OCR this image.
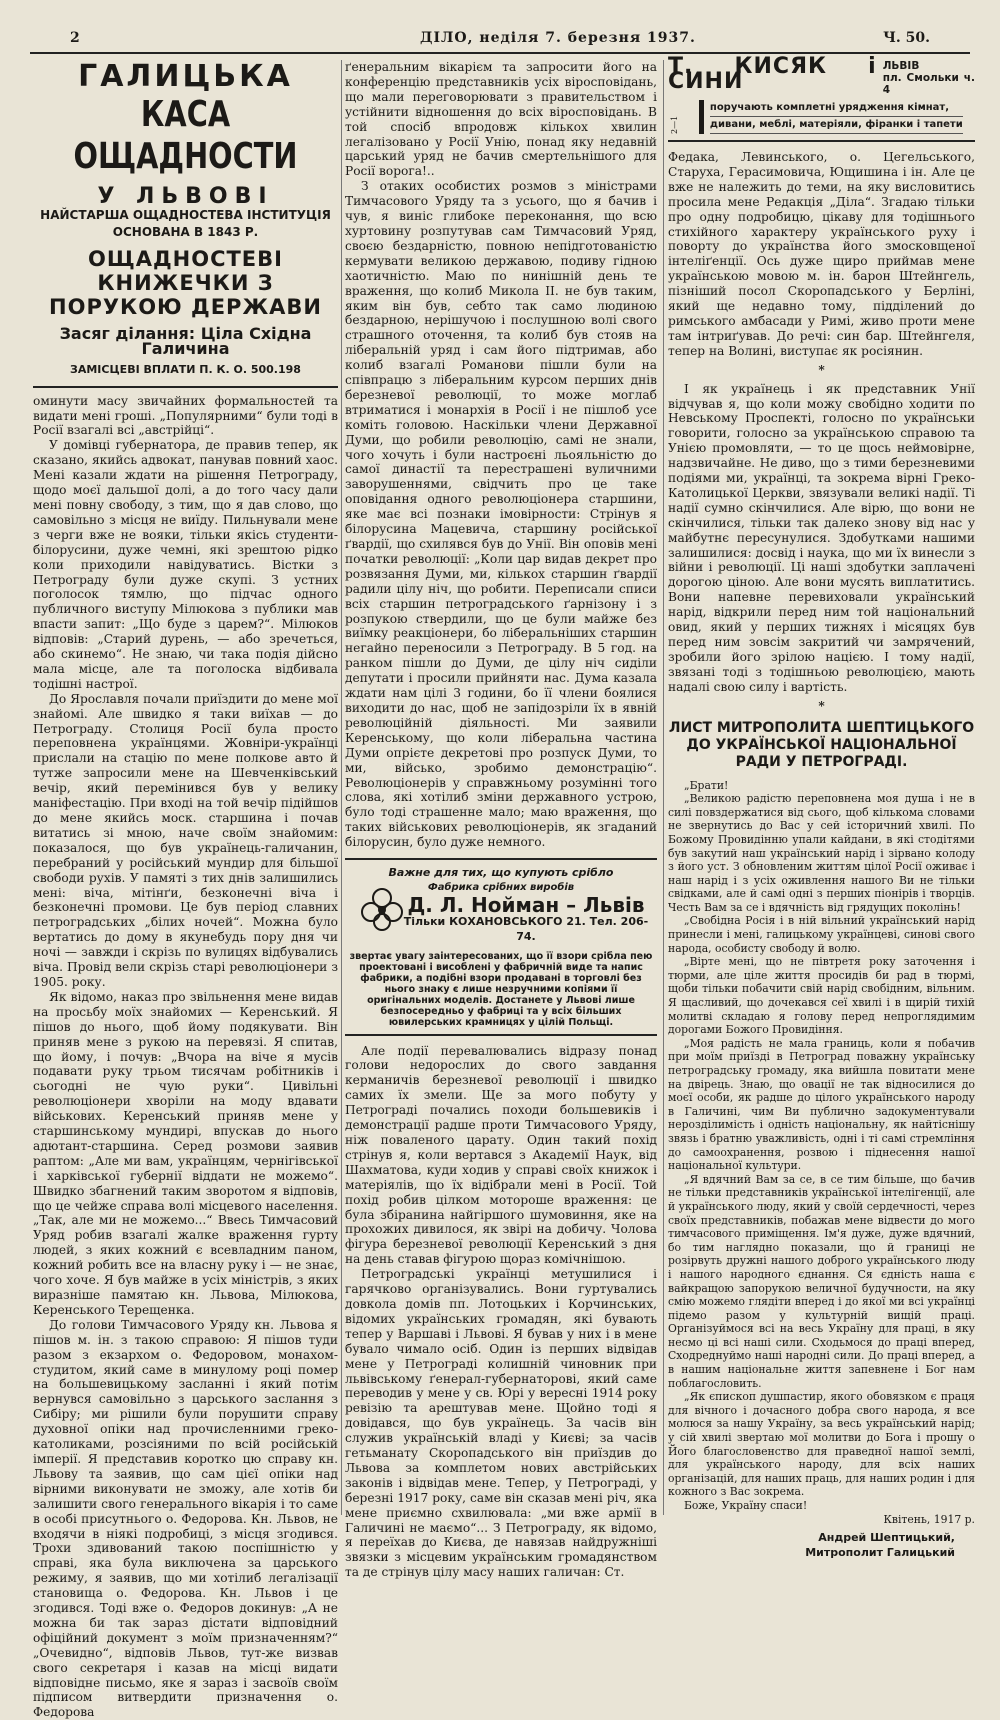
2	ДІЛО, неділя 7. березня 1937.	Ч. 50.
ГАЛИЦЬКА
КАСА ОЩАДНОСТИ
У ЛЬВОВІ
НАЙСТАРША ОЩАДНОСТЕВА ІНСТИТУЦІЯ
ОСНОВАНА В 1843 Р.
ОЩАДНОСТЕВІ КНИЖЕЧКИ З ПОРУКОЮ ДЕРЖАВИ
Засяг ділання: Ціла Східна Галичина
ЗАМІСЦЕВІ ВПЛАТИ П. К. О. 500.198

оминути масу звичайних формальностей та видати мені гроші. „Популярними“ були тоді в Росії взагалі всі „австрійці“.

У домівці губернатора, де правив тепер, як сказано, якийсь адвокат, панував повний хаос. Мені казали ждати на рішення Петрограду, щодо моєї дальшої долі, а до того часу дали мені повну свободу, з тим, що я дав слово, що самовільно з місця не виїду. Пильнували мене з черги вже не вояки, тільки якісь студенти-білорусини, дуже чемні, які зрештою рідко коли приходили навідуватись. Вістки з Петрограду були дуже скупі. З устних поголосок тямлю, що підчас одного публичного виступу Мілюкова з публики мав впасти запит: „Що буде з царем?“. Мілюков відповів: „Старий дурень, — або зречеться, або скинемо“. Не знаю, чи така подія дійсно мала місце, але та поголоска відбивала тодішні настрої.

До Ярославля почали приїздити до мене мої знайомі. Але швидко я таки виїхав — до Петрограду. Столиця Росії була просто переповнена українцями. Жовніри-українці прислали на стацію по мене полкове авто й тутже запросили мене на Шевченківський вечір, який перемінився був у велику маніфестацію. При вході на той вечір підійшов до мене якийсь моск. старшина і почав витатись зі мною, наче своїм знайомим: показалося, що був українець-галичанин, перебраний у російський мундир для більшої свободи рухів. У памяті з тих днів залишились мені: віча, мітінґи, безконечні віча і безконечні промови. Це був період славних петроградських „білих ночей“. Можна було вертатись до дому в якунебудь пору дня чи ночі — завжди і скрізь по вулицях відбувались віча. Провід вели скрізь старі революціонери з 1905. року.

Як відомо, наказ про звільнення мене видав на просьбу моїх знайомих — Керенський. Я пішов до нього, щоб йому подякувати. Він приняв мене з рукою на перевязі. Я спитав, що йому, і почув: „Вчора на віче я мусів подавати руку трьом тисячам робітників і сьогодні не чую руки“. Цивільні революціонери хворіли на моду вдавати військових. Керенський приняв мене у старшинському мундирі, впускав до нього адютант-старшина. Серед розмови заявив раптом: „Але ми вам, українцям, чернігівської і харківської губернії віддати не можемо“. Швидко збагнений таким зворотом я відповів, що це чейже справа волі місцевого населення. „Так, але ми не можемо...“ Ввесь Тимчасовий Уряд робив взагалі жалке враження гурту людей, з яких кожний є всевладним паном, кожний робить все на власну руку і — не знає, чого хоче. Я був майже в усіх міністрів, з яких виразніше памятаю кн. Львова, Мілюкова, Керенського Терещенка.

До голови Тимчасового Уряду кн. Львова я пішов м. ін. з такою справою: Я пішов туди разом з екзархом о. Федоровом, монахом-студитом, який саме в минулому році помер на большевицькому засланні і який потім вернувся самовільно з царського заслання з Сибіру; ми рішили були порушити справу духовної опіки над прочисленними греко-католиками, розсіяними по всій російській імперії. Я представив коротко цю справу кн. Львову та заявив, що сам цієї опіки над вірними виконувати не зможу, але хотів би залишити свого генерального вікарія і то саме в особі присутнього о. Федорова. Кн. Львов, не входячи в ніякі подробиці, з місця згодився. Трохи здивований такою поспішністю у справі, яка була виключена за царського режиму, я заявив, що ми хотілиб легалізації становища о. Федорова. Кн. Львов і це згодився. Тоді вже о. Федоров докинув: „А не можна би так зараз дістати відповідний офіційний документ з моїм призначенням?“ „Очевидно“, відповів Львов, тут-же визвав свого секретаря і казав на місці видати відповідне письмо, яке я зараз і засвоїв своїм підписом витвердити призначення о. Федорова

ґенеральним вікарієм та запросити його на конференцію представників усіх віросповідань, що мали переговорювати з правительством і устійнити відношення до всіх віросповідань. В той спосіб впродовж кількох хвилин легалізовано у Росії Унію, понад яку недавній царський уряд не бачив смертельнішого для Росії ворога!..

З отаких особистих розмов з міністрами Тимчасового Уряду та з усього, що я бачив і чув, я виніс глибоке переконання, що всю хуртовину розпутував сам Тимчасовий Уряд, своєю бездарністю, повною непідготованістю кермувати великою державою, подиву гідною хаотичністю. Маю по нинішній день те враження, що колиб Микола ІІ. не був таким, яким він був, себто так само людиною бездарною, нерішучою і послушною волі свого страшного оточення, та колиб був стояв на ліберальній уряд і сам його підтримав, або колиб взагалі Романови пішли були на співпрацю з ліберальним курсом перших днів березневої революції, то може моглаб втриматися і монархія в Росії і не пішлоб усе коміть головою. Наскільки члени Державної Думи, що робили революцію, самі не знали, чого хочуть і були настроєні льояльністю до самої династії та перестрашені вуличними заворушеннями, свідчить про це таке оповідання одного революціонера старшини, яке має всі познаки імовірности: Стрінув я білорусина Мацевича, старшину російської ґвардії, що схилявся був до Унії. Він оповів мені початки революції: „Коли цар видав декрет про розвязання Думи, ми, кількох старшин ґвардії радили цілу ніч, що робити. Переписали списи всіх старшин петроградського ґарнізону і з розпукою ствердили, що це були майже без виїмку реакціонери, бо ліберальніших старшин негайно переносили з Петрограду. В 5 год. на ранком пішли до Думи, де цілу ніч сиділи депутати і просили прийняти нас. Дума казала ждати нам цілі 3 години, бо її члени боялися виходити до нас, щоб не запідозріли їх в явній революційній діяльності. Ми заявили Керенському, що коли ліберальна частина Думи опрієте декретові про розпуск Думи, то ми, військо, зробимо демонстрацію“. Революціонерів у справжньому розумінні того слова, які хотілиб зміни державного устрою, було тоді страшенне мало; маю враження, що таких військових революціонерів, як згаданий білорусин, було дуже немного.

Важне для тих, що купують срібло
Фабрика срібних виробів
Д. Л. Нойман – Львів
Тільки КОХАНОВСЬКОГО 21. Тел. 206-74.
звертає увагу заінтересованих, що її взори срібла пею проектовані і висоблені у фабричній виде та напис фабрики, а подібні взори продавані в торговлі без нього знаку є лише незручними копіями її оригінальних моделів. Достанете у Львові лише безпосередньо у фабриці та у всіх більших ювилерських крамницях у цілій Польщі.

Але події перевалювались відразу понад голови недорослих до свого завдання керманичів березневої революції і швидко самих їх змели. Ще за мого побуту у Петрограді почались походи большевиків і демонстрації радше проти Тимчасового Уряду, ніж поваленого царату. Один такий похід стрінув я, коли вертався з Академії Наук, від Шахматова, куди ходив у справі своїх книжок і матеріялів, що їх відібрали мені в Росії. Той похід робив цілком мотороше враження: це була збіранина найгіршого шумовиння, яке на прохожих дивилося, як звірі на добичу. Чолова фігура березневої революції Керенський з дня на день ставав фігурою щораз комічнішою.

Петроградські українці метушилися і гарячково організувались. Вони гуртувались довкола домів пп. Лотоцьких і Корчинських, відомих українських громадян, які бувають тепер у Варшаві і Львові. Я бував у них і в мене бувало чимало осіб. Один із перших відвідав мене у Петрограді колишній чиновник при львівському ґенерал-губернаторові, який саме переводив у мене у св. Юрі у вересні 1914 року ревізію та арештував мене. Щойно тоді я довідався, що був українець. За часів він служив українській владі у Києві; за часів гетьманату Скоропадського він приїздив до Львова за комплетом нових австрійських законів і відвідав мене. Тепер, у Петрограді, у березні 1917 року, саме він сказав мені річ, яка мене приємно схвилювала: „ми вже армії в Галичині не маємо“... З Петрограду, як відомо, я переїхав до Києва, де навязав найдружніші звязки з місцевим українським громадянством та де стрінув цілу масу наших галичан: Ст.

Т. КИСЯК і СИНИ
ЛЬВІВ
пл. Смольки ч. 4
2—1
поручають комплетні урядження кімнат,
дивани, меблі, матеріяли, фіранки і тапети

Федака, Левинського, о. Цегельського, Старуха, Герасимовича, Ющишина і ін. Але це вже не належить до теми, на яку висловитись просила мене Редакція „Діла“. Згадаю тільки про одну подробицю, цікаву для тодішнього стихійного характеру українського руху і поворту до українства його змосковщеної інтеліґенції. Ось дуже щиро приймав мене українською мовою м. ін. барон Штейнгель, пізніший посол Скоропадського у Берліні, який ще недавно тому, підділений до римського амбасади у Римі, живо проти мене там інтриґував. До речі: син бар. Штейнгеля, тепер на Волині, виступає як росіянин.

*

І як українець і як представник Унії відчував я, що коли можу свобідно ходити по Невському Проспекті, голосно по українськи говорити, голосно за українською справою та Унією промовляти, — то це щось неймовірне, надзвичайне. Не диво, що з тими березневими подіями ми, українці, та зокрема вірні Греко-Католицької Церкви, звязували великі надії. Ті надії сумно скінчилися. Але вірю, що вони не скінчилися, тільки так далеко знову від нас у майбутнє пересунулися. Здобутками нашими залишилися: досвід і наука, що ми їх винесли з війни і революції. Ці наші здобутки заплачені дорогою ціною. Але вони мусять виплатитись. Вони напевне перевиховали український нарід, відкрили перед ним той національний овид, який у перших тижнях і місяцях був перед ним зовсім закритий чи замрячений, зробили його зрілою нацією. І тому надії, звязані тоді з тодішньою революцією, мають надалі свою силу і вартість.

*
ЛИСТ МИТРОПОЛИТА ШЕПТИЦЬКОГО ДО УКРАЇНСЬКОЇ НАЦІОНАЛЬНОЇ РАДИ У ПЕТРОГРАДІ.

„Брати!

„Великою радістю переповнена моя душа і не в силі повздержатися від сього, щоб кількома словами не звернутись до Вас у сей історичний хвилі. По Божому Провидінню упали кайдани, в які стодітями був закутий наш український нарід і зірвано колоду з його уст. З обновленим життям цілої Росії оживає і наш нарід і з усіх оживлення нашого Ви не тільки свідками, але й самі одні з перших піонірів і творців. Честь Вам за се і вдячність від грядущих поколінь!

„Свобідна Росія і в ній вільний український нарід принесли і мені, галицькому українцеві, синові свого народа, особисту свободу й волю.

„Вірте мені, що не півтретя року заточення і тюрми, але ціле життя просидів би рад в тюрмі, щоби тільки побачити свій нарід свобідним, вільним. Я щасливий, що дочекався сеї хвилі і в щирій тихій молитві складаю я голову перед непроглядимим дорогами Божого Провидіння.

„Моя радість не мала границь, коли я побачив при моїм приїзді в Петроград поважну українську петроградську громаду, яка вийшла повитати мене на двірець. Знаю, що овації не так відносилися до моєї особи, як радше до цілого українського народу в Галичині, чим Ви публично задокументували нерозділимість і одність національну, як найтіснішу звязь і братню уважливість, одні і ті самі стремління до самоохранення, розвою і піднесення нашої національної культури.

„Я вдячний Вам за се, в се тим більше, що бачив не тільки представників української інтелігенції, але й українського люду, який у своїй сердечності, через своїх представників, побажав мене відвести до мого тимчасового приміщення. Ім'я дуже, дуже вдячний, бо тим наглядно показали, що й границі не розірвуть дружні нашого доброго українського люду і нашого народного єднання. Ся єдність наша є вайкращою запорукою величної будучности, на яку смію можемо глядіти вперед і до якої ми всі українці підемо разом у культурній вищій праці. Організуймося всі на весь Україну для праці, в яку несмо ці всі наші сили. Сходьмося до праці вперед, Сходреднуймо наші народні сили. До праці вперед, а в нашим національне життя запевнене і Бог нам поблагословить.

„Як єпископ душпастир, якого обовязком є праця для вічного і дочасного добра свого народа, я все молюся за нашу Україну, за весь український нарід; у сій хвилі звертаю мої молитви до Бога і прошу о Його благословенство для праведної нашої землі, для українського народу, для всіх наших організацій, для наших праць, для наших родин і для кожного з Вас зокрема.

Боже, Україну спаси!

Квітень, 1917 р.

Андрей Шептицький,
Митрополит Галицький
